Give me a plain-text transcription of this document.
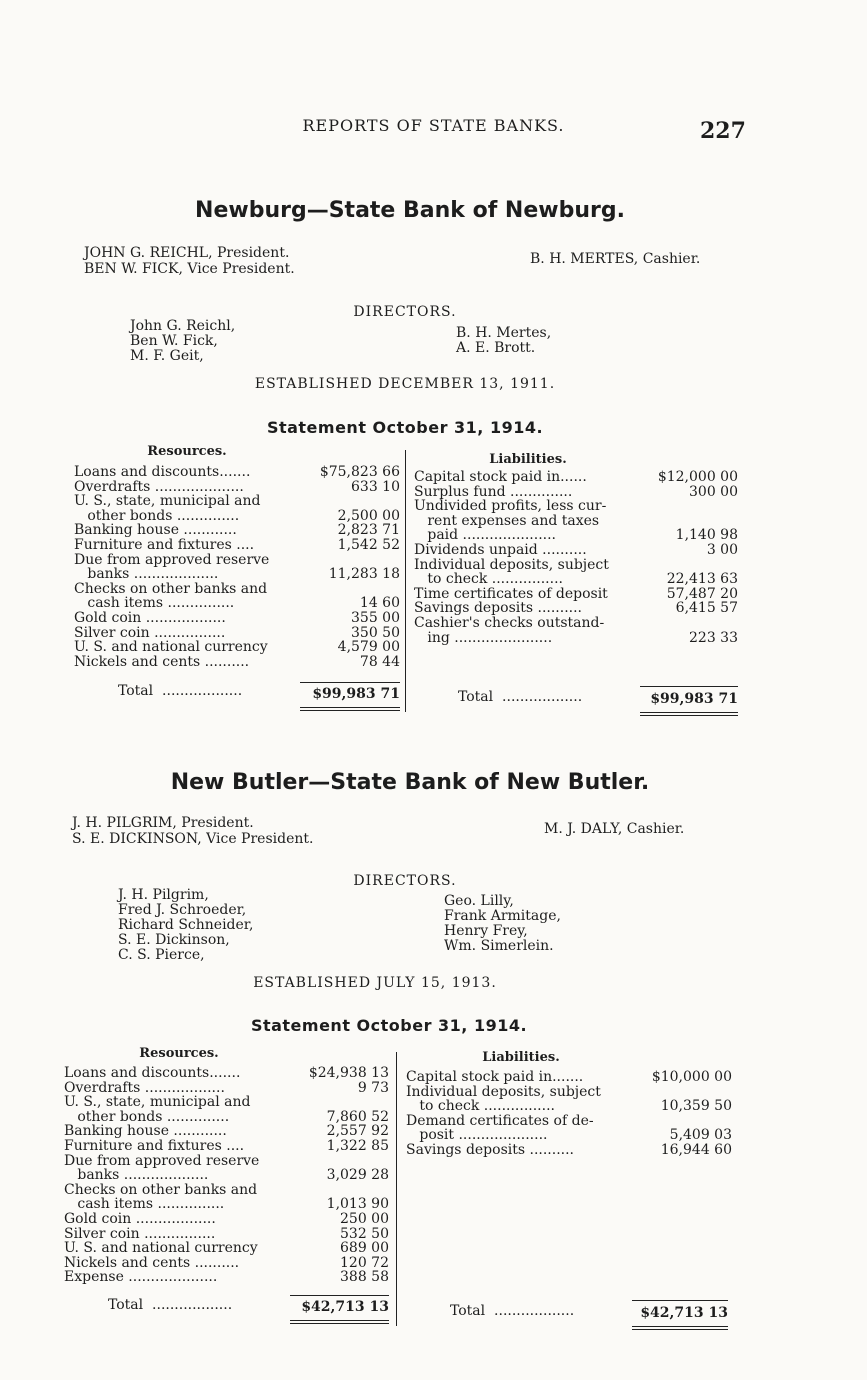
REPORTS OF STATE BANKS.	227
Newburg—State Bank of Newburg.
JOHN G. REICHL, President.
BEN W. FICK, Vice President.
B. H. MERTES, Cashier.
DIRECTORS.
John G. Reichl,
Ben W. Fick,
M. F. Geit,
B. H. Mertes,
A. E. Brott.
ESTABLISHED DECEMBER 13, 1911.
Statement October 31, 1914.
Resources.
Loans and discounts.......	$75,823 66
Overdrafts ....................	633 10
U. S., state, municipal and
other bonds ..............	2,500 00
Banking house ............	2,823 71
Furniture and fixtures ....	1,542 52
Due from approved reserve
banks ...................	11,283 18
Checks on other banks and
cash items ...............	14 60
Gold coin ..................	355 00
Silver coin ................	350 50
U. S. and national currency	4,579 00
Nickels and cents ..........	78 44
Total ..................	$99,983 71
Liabilities.
Capital stock paid in......	$12,000 00
Surplus fund ..............	300 00
Undivided profits, less cur-
rent expenses and taxes
paid .....................	1,140 98
Dividends unpaid ..........	3 00
Individual deposits, subject
to check ................	22,413 63
Time certificates of deposit	57,487 20
Savings deposits ..........	6,415 57
Cashier's checks outstand-
ing ......................	223 33
Total ..................	$99,983 71
New Butler—State Bank of New Butler.
J. H. PILGRIM, President.
S. E. DICKINSON, Vice President.
M. J. DALY, Cashier.
DIRECTORS.
J. H. Pilgrim,
Fred J. Schroeder,
Richard Schneider,
S. E. Dickinson,
C. S. Pierce,
Geo. Lilly,
Frank Armitage,
Henry Frey,
Wm. Simerlein.
ESTABLISHED JULY 15, 1913.
Statement October 31, 1914.
Resources.
Loans and discounts.......	$24,938 13
Overdrafts ..................	9 73
U. S., state, municipal and
other bonds ..............	7,860 52
Banking house ............	2,557 92
Furniture and fixtures ....	1,322 85
Due from approved reserve
banks ...................	3,029 28
Checks on other banks and
cash items ...............	1,013 90
Gold coin ..................	250 00
Silver coin ................	532 50
U. S. and national currency	689 00
Nickels and cents ..........	120 72
Expense ....................	388 58
Total ..................	$42,713 13
Liabilities.
Capital stock paid in.......	$10,000 00
Individual deposits, subject
to check ................	10,359 50
Demand certificates of de-
posit ....................	5,409 03
Savings deposits ..........	16,944 60
Total ..................	$42,713 13
